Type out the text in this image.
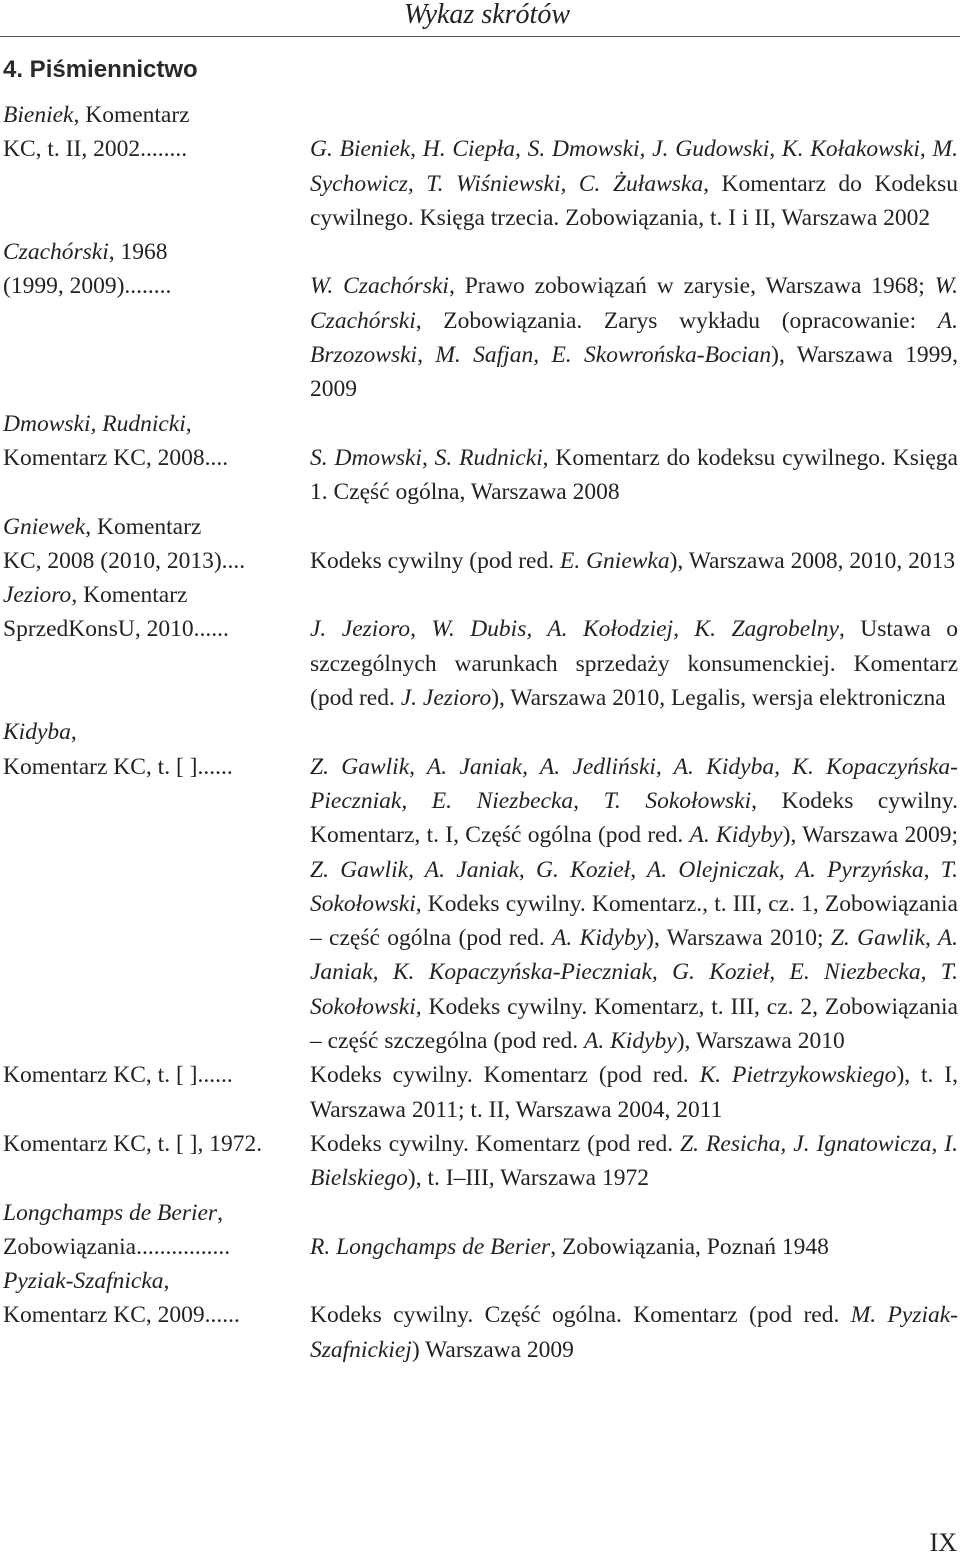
Wykaz skrótów
4. Piśmiennictwo
Bieniek, Komentarz
KC, t. II, 2002........	G. Bieniek, H. Ciepła, S. Dmowski, J. Gudowski, K. Kołakowski, M. Sychowicz, T. Wiśniewski, C. Żuławska, Komentarz do Kodeksu cywilnego. Księga trzecia. Zobowiązania, t. I i II, Warszawa 2002
Czachórski, 1968
(1999, 2009)........	W. Czachórski, Prawo zobowiązań w zarysie, Warszawa 1968; W. Czachórski, Zobowiązania. Zarys wykładu (opracowanie: A. Brzozowski, M. Safjan, E. Skowrońska-Bocian), Warszawa 1999, 2009
Dmowski, Rudnicki,
Komentarz KC, 2008....	S. Dmowski, S. Rudnicki, Komentarz do kodeksu cywilnego. Księga 1. Część ogólna, Warszawa 2008
Gniewek, Komentarz
KC, 2008 (2010, 2013)....	Kodeks cywilny (pod red. E. Gniewka), Warszawa 2008, 2010, 2013
Jezioro, Komentarz
SprzedKonsU, 2010......	J. Jezioro, W. Dubis, A. Kołodziej, K. Zagrobelny, Ustawa o szczególnych warunkach sprzedaży konsumenckiej. Komentarz (pod red. J. Jezioro), Warszawa 2010, Legalis, wersja elektroniczna
Kidyba,
Komentarz KC, t. [ ]......	Z. Gawlik, A. Janiak, A. Jedliński, A. Kidyba, K. Kopaczyńska-Pieczniak, E. Niezbecka, T. Sokołowski, Kodeks cywilny. Komentarz, t. I, Część ogólna (pod red. A. Kidyby), Warszawa 2009; Z. Gawlik, A. Janiak, G. Kozieł, A. Olejniczak, A. Pyrzyńska, T. Sokołowski, Kodeks cywilny. Komentarz., t. III, cz. 1, Zobowiązania – część ogólna (pod red. A. Kidyby), Warszawa 2010; Z. Gawlik, A. Janiak, K. Kopaczyńska-Pieczniak, G. Kozieł, E. Niezbecka, T. Sokołowski, Kodeks cywilny. Komentarz, t. III, cz. 2, Zobowiązania – część szczególna (pod red. A. Kidyby), Warszawa 2010
Komentarz KC, t. [ ]......	Kodeks cywilny. Komentarz (pod red. K. Pietrzykowskiego), t. I, Warszawa 2011; t. II, Warszawa 2004, 2011
Komentarz KC, t. [ ], 1972.	Kodeks cywilny. Komentarz (pod red. Z. Resicha, J. Ignatowicza, I. Bielskiego), t. I–III, Warszawa 1972
Longchamps de Berier,
Zobowiązania................	R. Longchamps de Berier, Zobowiązania, Poznań 1948
Pyziak-Szafnicka,
Komentarz KC, 2009......	Kodeks cywilny. Część ogólna. Komentarz (pod red. M. Pyziak-Szafnickiej) Warszawa 2009
IX
